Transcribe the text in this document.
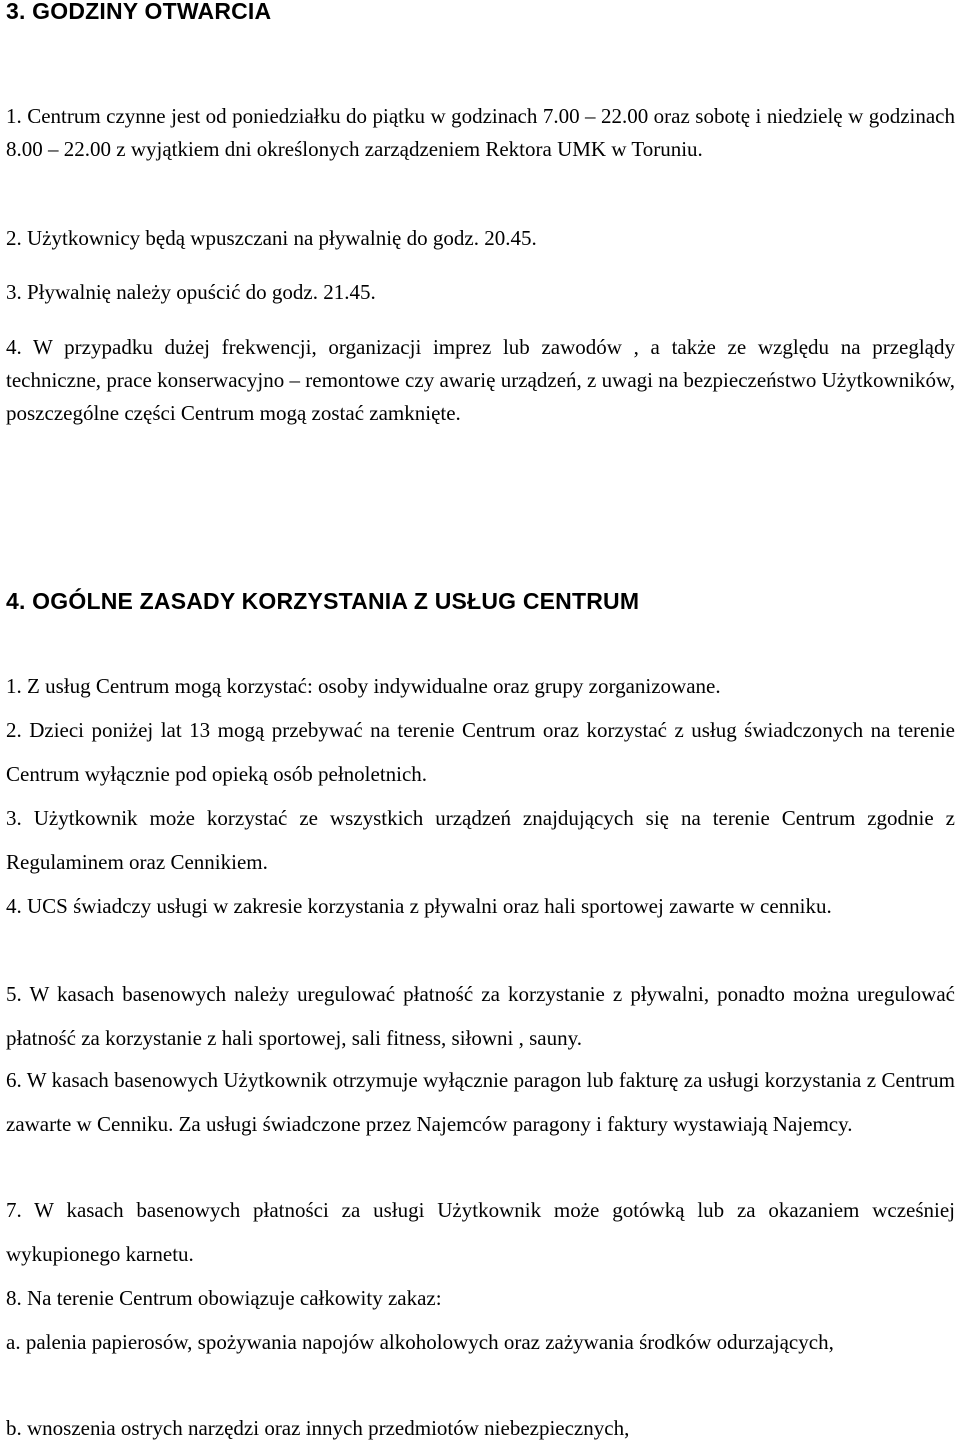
3. GODZINY OTWARCIA

1. Centrum czynne jest od poniedziałku do piątku w godzinach 7.00 – 22.00 oraz sobotę i niedzielę w godzinach 8.00 – 22.00 z wyjątkiem dni określonych zarządzeniem Rektora UMK w Toruniu.

2. Użytkownicy będą wpuszczani na pływalnię do godz. 20.45.

3. Pływalnię należy opuścić do godz. 21.45.

4. W przypadku dużej frekwencji, organizacji imprez lub zawodów , a także ze względu na przeglądy techniczne, prace konserwacyjno – remontowe czy awarię urządzeń, z uwagi na bezpieczeństwo Użytkowników, poszczególne części Centrum mogą zostać zamknięte.

4. OGÓLNE ZASADY KORZYSTANIA Z USŁUG CENTRUM

1. Z usług Centrum mogą korzystać: osoby indywidualne oraz grupy zorganizowane.

2. Dzieci poniżej lat 13 mogą przebywać na terenie Centrum oraz korzystać z usług świadczonych na terenie Centrum wyłącznie pod opieką osób pełnoletnich.

3. Użytkownik może korzystać ze wszystkich urządzeń znajdujących się na terenie Centrum zgodnie z Regulaminem oraz Cennikiem.

4. UCS świadczy usługi w zakresie korzystania z pływalni oraz hali sportowej zawarte w cenniku.

5. W kasach basenowych należy uregulować płatność za korzystanie z pływalni, ponadto można uregulować płatność za korzystanie z hali sportowej, sali fitness, siłowni , sauny.

6. W kasach basenowych Użytkownik otrzymuje wyłącznie paragon lub fakturę za usługi korzystania z Centrum zawarte w Cenniku. Za usługi świadczone przez Najemców paragony i faktury wystawiają Najemcy.

7. W kasach basenowych płatności za usługi Użytkownik może gotówką lub za okazaniem wcześniej wykupionego karnetu.

8. Na terenie Centrum obowiązuje całkowity zakaz:

a. palenia papierosów, spożywania napojów alkoholowych oraz zażywania środków odurzających,

b. wnoszenia ostrych narzędzi oraz innych przedmiotów niebezpiecznych,
